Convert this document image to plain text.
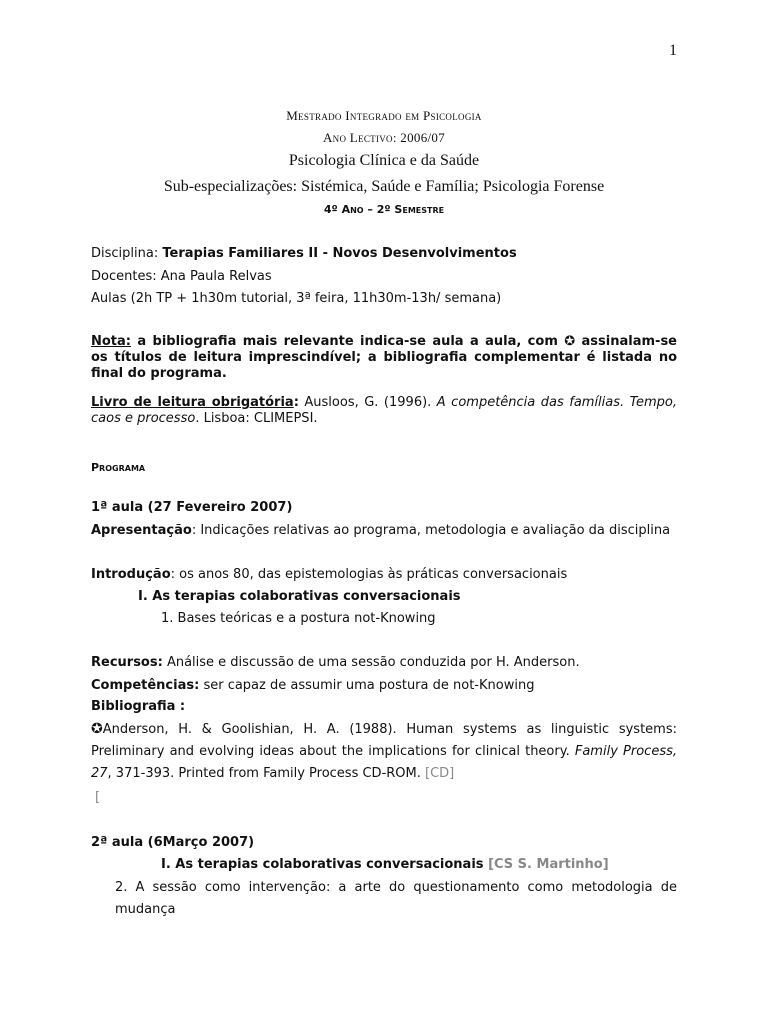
1
Mestrado Integrado em Psicologia
Ano Lectivo: 2006/07
Psicologia Clínica e da Saúde
Sub-especializações: Sistémica, Saúde e Família; Psicologia Forense
4º Ano – 2º Semestre
Disciplina: Terapias Familiares II - Novos Desenvolvimentos
Docentes: Ana Paula Relvas
Aulas (2h TP + 1h30m tutorial, 3ª feira, 11h30m-13h/ semana)
Nota: a bibliografia mais relevante indica-se aula a aula, com ✪ assinalam-se os títulos de leitura imprescindível; a bibliografia complementar é listada no final do programa.
Livro de leitura obrigatória: Ausloos, G. (1996). A competência das famílias. Tempo, caos e processo. Lisboa: CLIMEPSI.
Programa
1ª aula (27 Fevereiro 2007)
Apresentação: Indicações relativas ao programa, metodologia e avaliação da disciplina
Introdução: os anos 80, das epistemologias às práticas conversacionais
I. As terapias colaborativas conversacionais
1. Bases teóricas e a postura not-Knowing
Recursos: Análise e discussão de uma sessão conduzida por H. Anderson.
Competências: ser capaz de assumir uma postura de not-Knowing
Bibliografia :
✪Anderson, H. & Goolishian, H. A. (1988). Human systems as linguistic systems: Preliminary and evolving ideas about the implications for clinical theory. Family Process, 27, 371-393. Printed from Family Process CD-ROM. [CD]
[
2ª aula (6Março 2007)
I. As terapias colaborativas conversacionais [CS S. Martinho]
2. A sessão como intervenção: a arte do questionamento como metodologia de mudança
